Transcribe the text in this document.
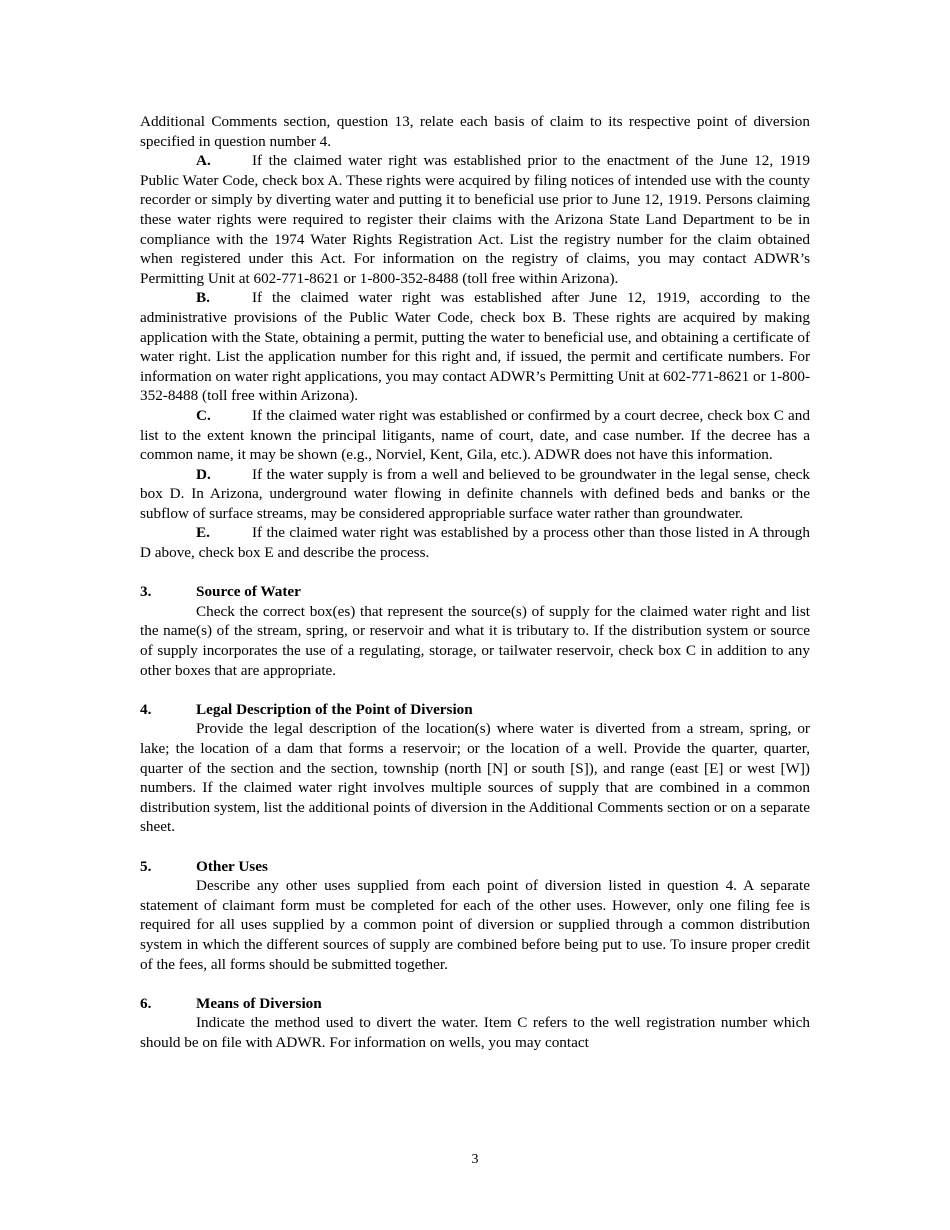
Additional Comments section, question 13, relate each basis of claim to its respective point of diversion specified in question number 4.

A.	If the claimed water right was established prior to the enactment of the June 12, 1919 Public Water Code, check box A. These rights were acquired by filing notices of intended use with the county recorder or simply by diverting water and putting it to beneficial use prior to June 12, 1919. Persons claiming these water rights were required to register their claims with the Arizona State Land Department to be in compliance with the 1974 Water Rights Registration Act. List the registry number for the claim obtained when registered under this Act. For information on the registry of claims, you may contact ADWR’s Permitting Unit at 602-771-8621 or 1-800-352-8488 (toll free within Arizona).

B.	If the claimed water right was established after June 12, 1919, according to the administrative provisions of the Public Water Code, check box B. These rights are acquired by making application with the State, obtaining a permit, putting the water to beneficial use, and obtaining a certificate of water right. List the application number for this right and, if issued, the permit and certificate numbers. For information on water right applications, you may contact ADWR’s Permitting Unit at 602-771-8621 or 1-800-352-8488 (toll free within Arizona).

C.	If the claimed water right was established or confirmed by a court decree, check box C and list to the extent known the principal litigants, name of court, date, and case number. If the decree has a common name, it may be shown (e.g., Norviel, Kent, Gila, etc.). ADWR does not have this information.

D.	If the water supply is from a well and believed to be groundwater in the legal sense, check box D. In Arizona, underground water flowing in definite channels with defined beds and banks or the subflow of surface streams, may be considered appropriable surface water rather than groundwater.

E.	If the claimed water right was established by a process other than those listed in A through D above, check box E and describe the process.

3.	Source of Water

Check the correct box(es) that represent the source(s) of supply for the claimed water right and list the name(s) of the stream, spring, or reservoir and what it is tributary to. If the distribution system or source of supply incorporates the use of a regulating, storage, or tailwater reservoir, check box C in addition to any other boxes that are appropriate.

4.	Legal Description of the Point of Diversion

Provide the legal description of the location(s) where water is diverted from a stream, spring, or lake; the location of a dam that forms a reservoir; or the location of a well. Provide the quarter, quarter, quarter of the section and the section, township (north [N] or south [S]), and range (east [E] or west [W]) numbers. If the claimed water right involves multiple sources of supply that are combined in a common distribution system, list the additional points of diversion in the Additional Comments section or on a separate sheet.

5.	Other Uses

Describe any other uses supplied from each point of diversion listed in question 4. A separate statement of claimant form must be completed for each of the other uses. However, only one filing fee is required for all uses supplied by a common point of diversion or supplied through a common distribution system in which the different sources of supply are combined before being put to use. To insure proper credit of the fees, all forms should be submitted together.

6.	Means of Diversion

Indicate the method used to divert the water. Item C refers to the well registration number which should be on file with ADWR. For information on wells, you may contact

3
